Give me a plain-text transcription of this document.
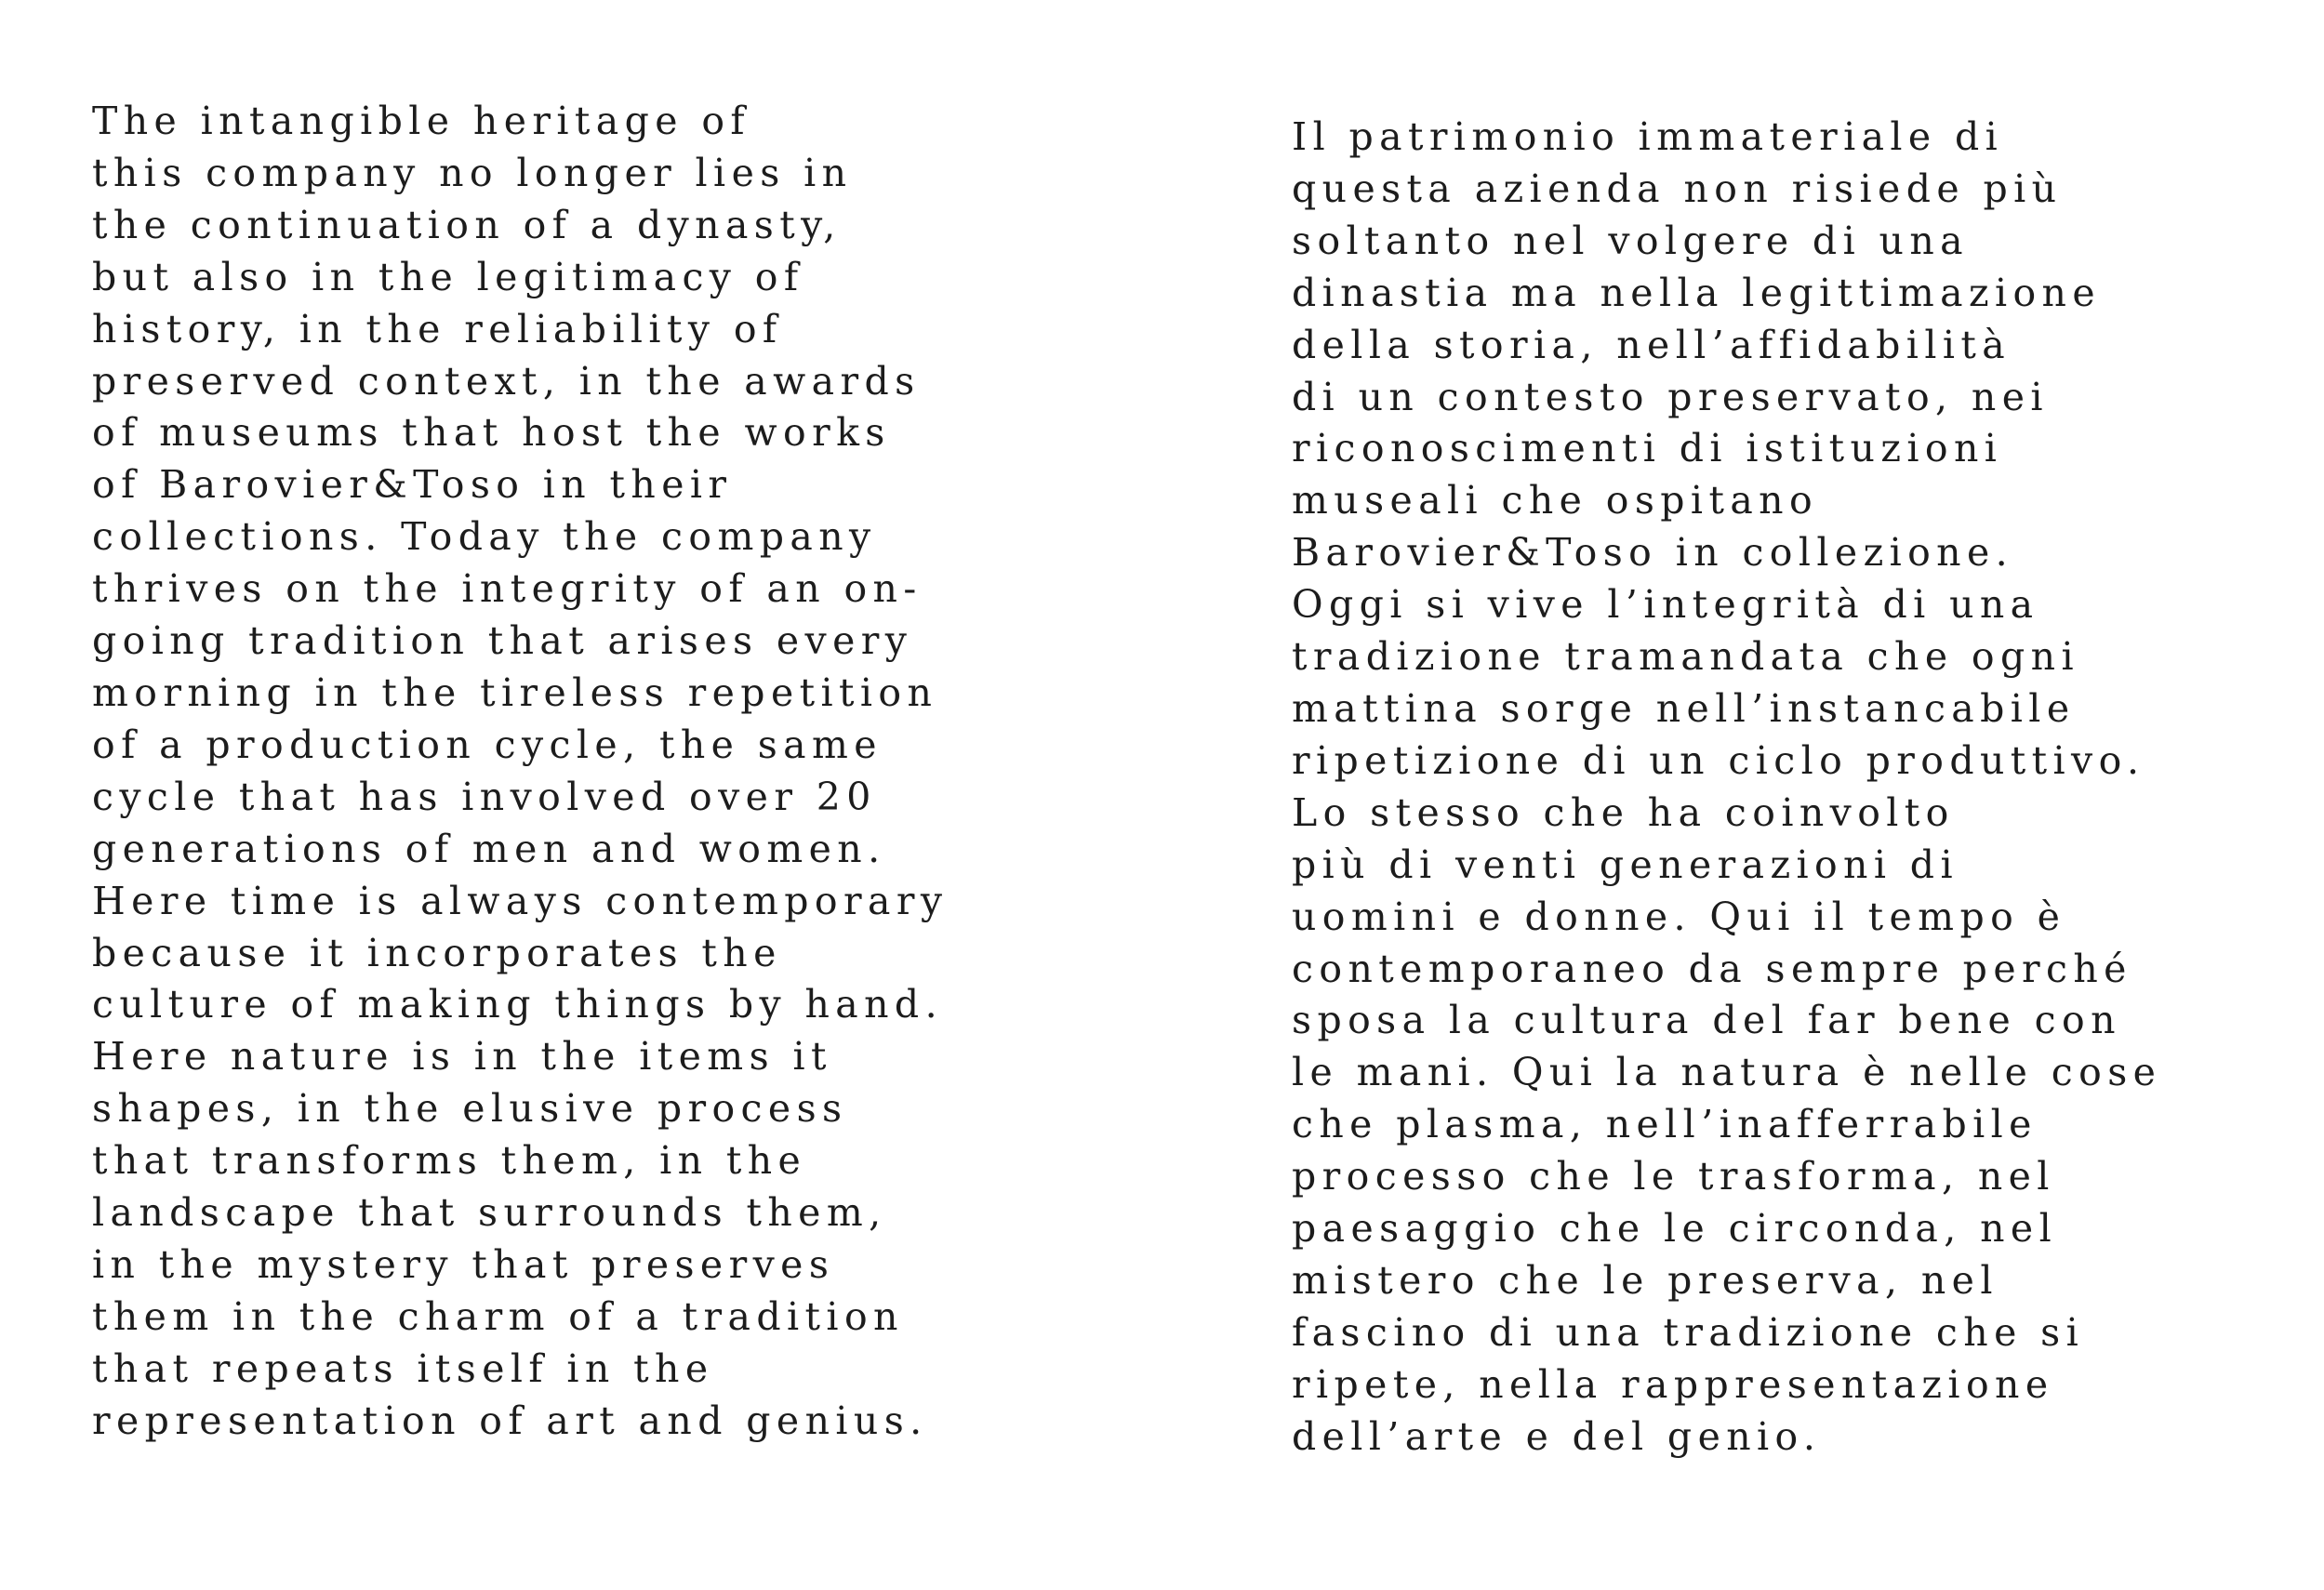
The intangible heritage of
this company no longer lies in
the continuation of a dynasty,
but also in the legitimacy of
history, in the reliability of
preserved context, in the awards
of museums that host the works
of Barovier&Toso in their
collections. Today the company
thrives on the integrity of an on-
going tradition that arises every
morning in the tireless repetition
of a production cycle, the same
cycle that has involved over 20
generations of men and women.
Here time is always contemporary
because it incorporates the
culture of making things by hand.
Here nature is in the items it
shapes, in the elusive process
that transforms them, in the
landscape that surrounds them,
in the mystery that preserves
them in the charm of a tradition
that repeats itself in the
representation of art and genius.
Il patrimonio immateriale di
questa azienda non risiede più
soltanto nel volgere di una
dinastia ma nella legittimazione
della storia, nell’affidabilità
di un contesto preservato, nei
riconoscimenti di istituzioni
museali che ospitano
Barovier&Toso in collezione.
Oggi si vive l’integrità di una
tradizione tramandata che ogni
mattina sorge nell’instancabile
ripetizione di un ciclo produttivo.
Lo stesso che ha coinvolto
più di venti generazioni di
uomini e donne. Qui il tempo è
contemporaneo da sempre perché
sposa la cultura del far bene con
le mani. Qui la natura è nelle cose
che plasma, nell’inafferrabile
processo che le trasforma, nel
paesaggio che le circonda, nel
mistero che le preserva, nel
fascino di una tradizione che si
ripete, nella rappresentazione
dell’arte e del genio.
